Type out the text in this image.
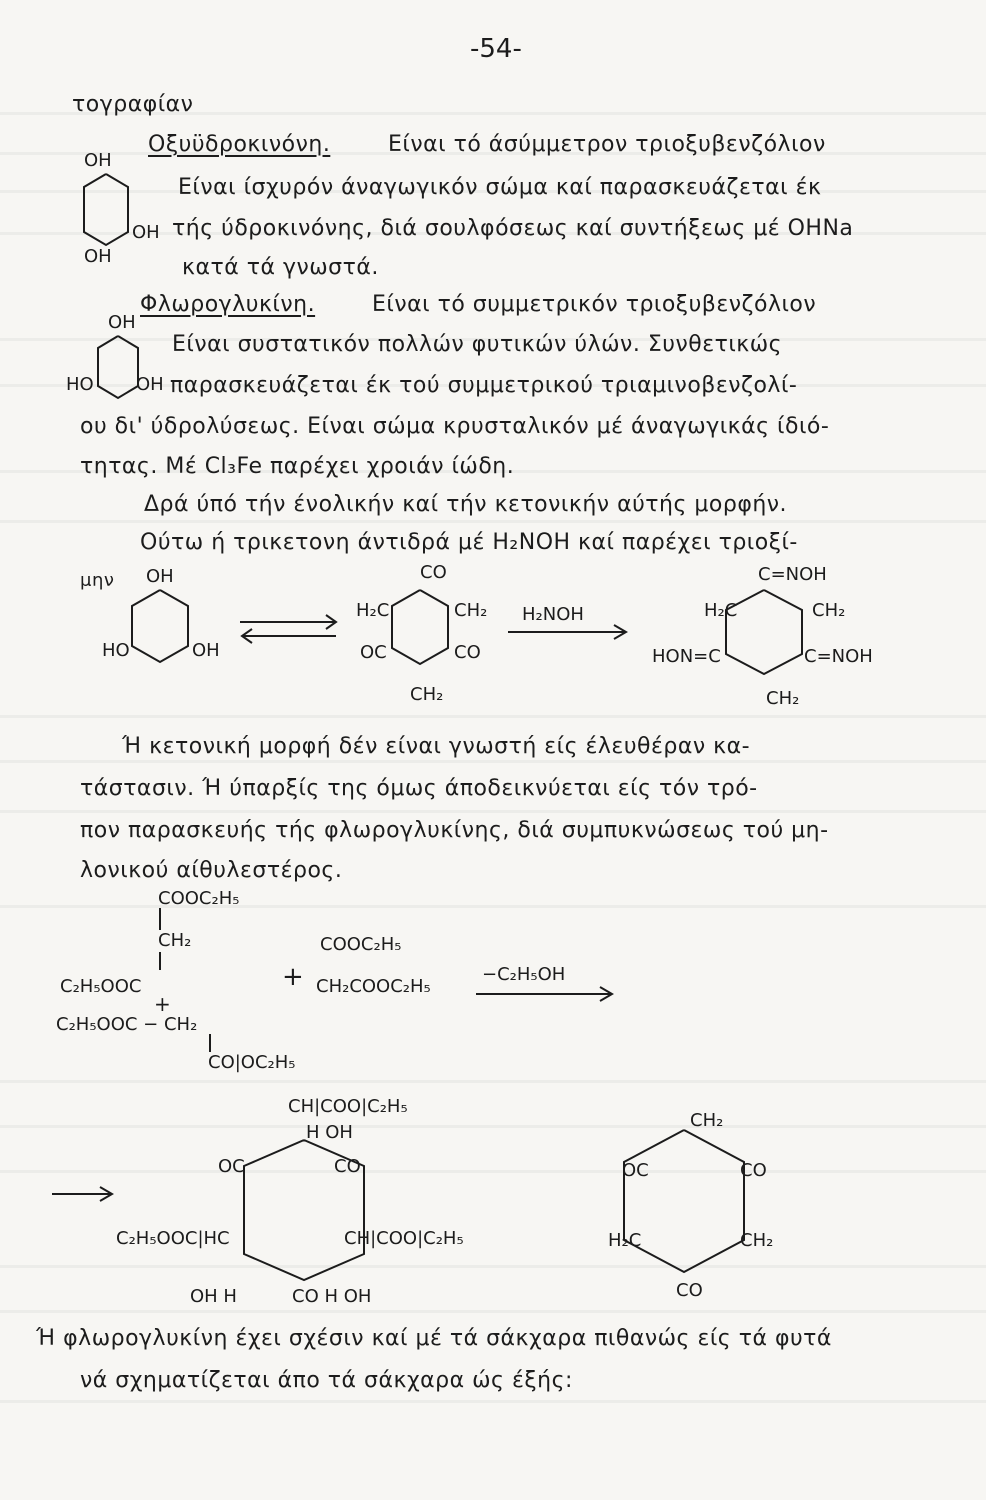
-54-
τογραφίαν
Οξυϋδροκινόνη.	Είναι τό άσύμμετρον τριοξυβενζόλιον
Είναι ίσχυρόν άναγωγικόν σώμα καί παρασκευάζεται έκ
τής ύδροκινόνης, διά σουλφόσεως καί συντήξεως μέ OHNa
κατά τά γνωστά.
OH
OH
OH
Φλωρογλυκίνη.	Είναι τό συμμετρικόν τριοξυβενζόλιον
Είναι συστατικόν πολλών φυτικών ύλών. Συνθετικώς
παρασκευάζεται έκ τού συμμετρικού τριαμινοβενζολί-
ου δι' ύδρολύσεως. Είναι σώμα κρυσταλικόν μέ άναγωγικάς ίδιό-
τητας. Μέ Cl₃Fe παρέχει χροιάν ίώδη.
OH
HO OH
Δρά ύπό τήν ένολικήν καί τήν κετονικήν αύτής μορφήν.
Ούτω ή τρικετονη άντιδρά μέ H₂NOH καί παρέχει τριοξί-
μην OH
HO	OH
CO
H₂C	CH₂
OC	CO
CH₂
H₂NOH
C=NOH
H₂C	CH₂
HON=C	C=NOH
CH₂
Ή κετονική μορφή δέν είναι γνωστή είς έλευθέραν κα-
τάστασιν. Ή ύπαρξίς της όμως άποδεικνύεται είς τόν τρό-
πον παρασκευής τής φλωρογλυκίνης, διά συμπυκνώσεως τού μη-
λονικού αίθυλεστέρος.
COOC₂H₅
CH₂	COOC₂H₅
+
C₂H₅OOC	CH₂COOC₂H₅
−C₂H₅OH
+
C₂H₅OOC − CH₂
CO|OC₂H₅
CH|COO|C₂H₅
H OH
OC	CO
C₂H₅OOC|HC	CH|COO|C₂H₅
OH H	CO H OH
CH₂
OC	CO
H₂C	CH₂
CO
Ή φλωρογλυκίνη έχει σχέσιν καί μέ τά σάκχαρα πιθανώς είς τά φυτά
νά σχηματίζεται άπο τά σάκχαρα ώς έξής:
